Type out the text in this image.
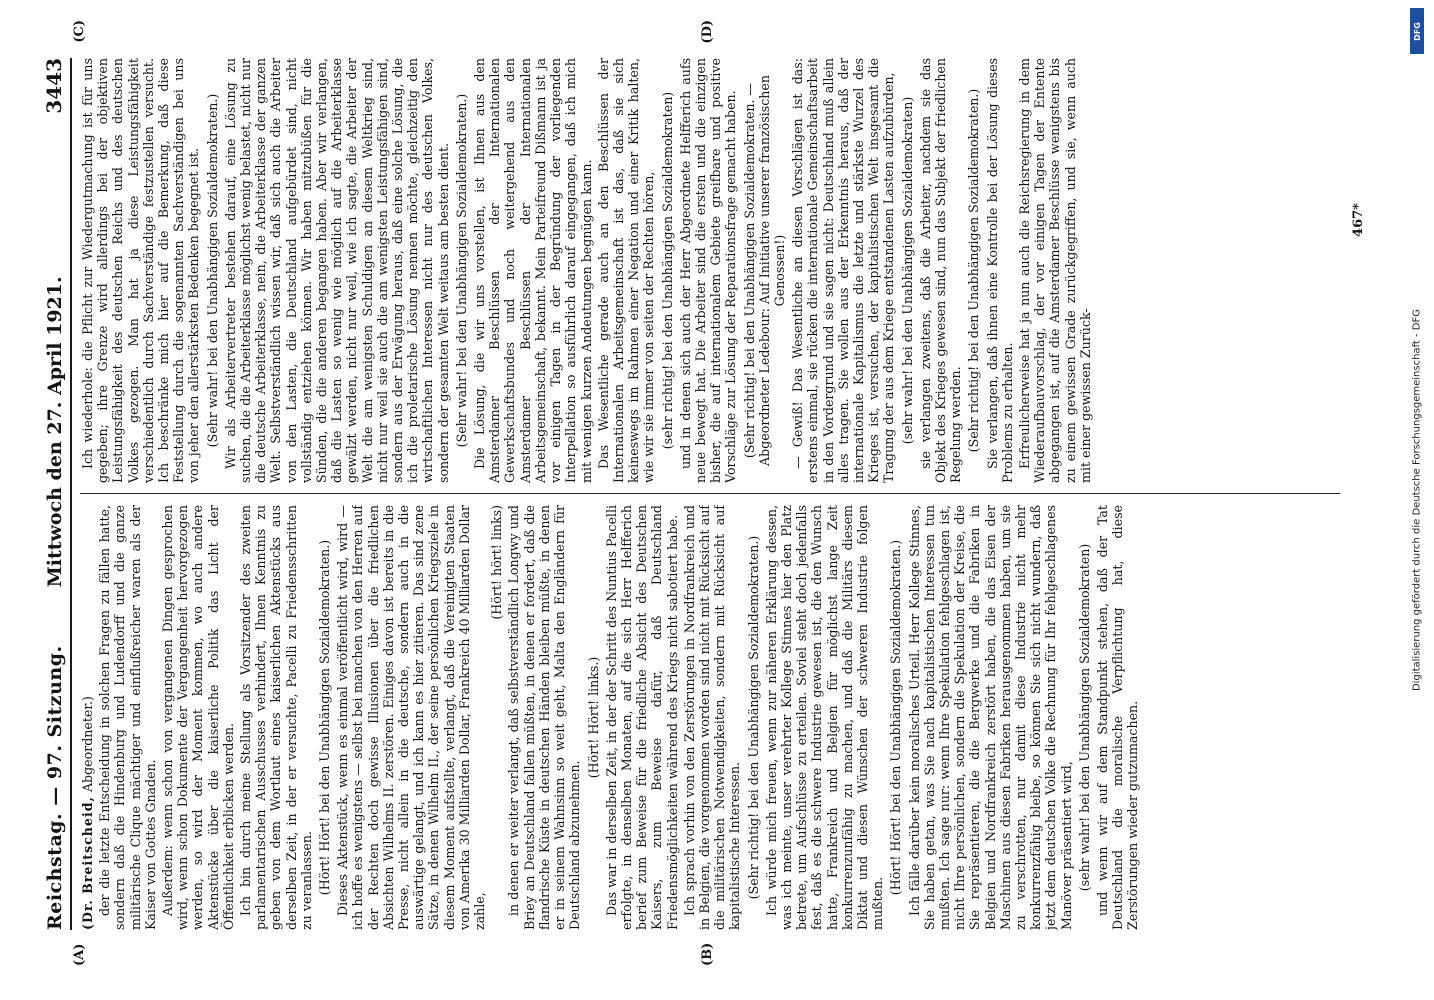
Reichstag. — 97. Sitzung.
Mittwoch den 27. April 1921.
3443

(Dr. Breitscheid, Abgeordneter.) der die letzte Entscheidung in solchen Fragen zu fällen hatte, sondern daß die Hindenburg und Ludendorff und die ganze militärische Clique mächtiger und einflußreicher waren als der Kaiser von Gottes Gnaden. Außerdem: wenn schon von vergangenen Dingen gesprochen wird, wenn schon Dokumente der Vergangenheit hervorgezogen werden, so wird der Moment kommen, wo auch andere Aktenstücke über die kaiserliche Politik das Licht der Öffentlichkeit erblicken werden. Ich bin durch meine Stellung als Vorsitzender des zweiten parlamentarischen Ausschusses verhindert, Ihnen Kenntnis zu geben von dem Wortlaut eines kaiserlichen Aktenstücks aus derselben Zeit, in der er versuchte, Pacelli zu Friedensschritten zu veranlassen. (Hört! Hört! bei den Unabhängigen Sozialdemokraten.) Dieses Aktenstück, wenn es einmal veröffentlicht wird, wird — ich hoffe es wenigstens — selbst bei manchen von den Herren auf der Rechten doch gewisse Illusionen über die friedlichen Absichten Wilhelms II. zerstören. Einiges davon ist bereits in die Presse, nicht allein in die deutsche, sondern auch in die auswärtige gelangt, und ich kann es hier zitieren. Das sind zene Sätze, in denen Wilhelm II., der seine persönlichen Kriegsziele in diesem Moment aufstellte, verlangt, daß die Vereinigten Staaten von Amerika 30 Milliarden Dollar, Frankreich 40 Milliarden Dollar zahle,

(Hört! hört! links) in denen er weiter verlangt, daß selbstverständlich Longwy und Briey an Deutschland fallen müßten, in denen er fordert, daß die flandrische Küste in deutschen Händen bleiben müßte, in denen er in seinem Wahnsinn so weit geht, Malta den Engländern für Deutschland abzunehmen.

(Hört! Hört! links.) Das war in derselben Zeit, in der der Schritt des Nuntius Pacelli erfolgte, in denselben Monaten, auf die sich Herr Helfferich berief zum Beweise für die friedliche Absicht des Deutschen Kaisers, zum Beweise dafür, daß Deutschland Friedensmöglichkeiten während des Kriegs nicht sabotiert habe. Ich sprach vorhin von den Zerstörungen in Nordfrankreich und in Belgien, die vorgenommen worden sind nicht mit Rücksicht auf die militärischen Notwendigkeiten, sondern mit Rücksicht auf kapitalistische Interessen. (Sehr richtig! bei den Unabhängigen Sozialdemokraten.) Ich würde mich freuen, wenn zur näheren Erklärung dessen, was ich meinte, unser verehrter Kollege Stinnes hier den Platz betrete, um Aufschlüsse zu erteilen. Soviel steht doch jedenfalls fest, daß es die schwere Industrie gewesen ist, die den Wunsch hatte, Frankreich und Belgien für möglichst lange Zeit konkurrenzunfähig zu machen, und daß die Militärs diesem Diktat und diesen Wünschen der schweren Industrie folgen mußten.

(Hört! Hört! bei den Unabhängigen Sozialdemokraten.) Ich fälle darüber kein moralisches Urteil. Herr Kollege Stinnes, Sie haben getan, was Sie nach kapitalistischen Interessen tun mußten. Ich sage nur: wenn Ihre Spekulation fehlgeschlagen ist, nicht Ihre persönlichen, sondern die Spekulation der Kreise, die Sie repräsentieren, die die Bergwerke und die Fabriken in Belgien und Nordfrankreich zerstört haben, die das Eisen der Maschinen aus diesen Fabriken herausgenommen haben, um sie zu verschrotten, nur damit diese Industrie nicht mehr konkurrenzfähig bleibe, so können Sie sich nicht wundern, daß jetzt dem deutschen Volke die Rechnung für Ihr fehlgeschlagenes Manöver präsentiert wird, (sehr wahr! bei den Unabhängigen Sozialdemokraten) und wenn wir auf dem Standpunkt stehen, daß der Tat Deutschland die moralische Verpflichtung hat, diese Zerstörungen wieder gutzumachen.

Ich wiederhole: die Pflicht zur Wiedergutmachung ist für uns gegeben; ihre Grenze wird allerdings bei der objektiven Leistungsfähigkeit des deutschen Reichs und des deutschen Volkes gezogen. Man hat ja diese Leistungsfähigkeit verschiedentlich durch Sachverständige festzustellen versucht. Ich beschränke mich hier auf die Bemerkung, daß diese Feststellung durch die sogenannten Sachverständigen bei uns von jeher den allerstärksten Bedenken begegnet ist. (Sehr wahr! bei den Unabhängigen Sozialdemokraten.) Wir als Arbeitervertreter bestehen darauf, eine Lösung zu suchen, die die Arbeiterklasse möglichst wenig belastet, nicht nur die deutsche Arbeiterklasse, nein, die Arbeiterklasse der ganzen Welt. Selbstverständlich wissen wir, daß sich auch die Arbeiter von den Lasten, die Deutschland aufgebürdet sind, nicht vollständig entziehen können. Wir haben mitzubüßen für die Sünden, die die anderen begangen haben. Aber wir verlangen, daß die Lasten so wenig wie möglich auf die Arbeiterklasse gewälzt werden, nicht nur weil, wie ich sagte, die Arbeiter der Welt die am wenigsten Schuldigen an diesem Weltkrieg sind, nicht nur weil sie auch die am wenigsten Leistungsfähigen sind, sondern aus der Erwägung heraus, daß eine solche Lösung, die ich die proletarische Lösung nennen möchte, gleichzeitig den wirtschaftlichen Interessen nicht nur des deutschen Volkes, sondern der gesamten Welt weitaus am besten dient. (Sehr wahr! bei den Unabhängigen Sozialdemokraten.) Die Lösung, die wir uns vorstellen, ist Ihnen aus den Amsterdamer Beschlüssen der Internationalen Gewerkschaftsbundes und noch weitergehend aus den Amsterdamer Beschlüssen der Internationalen Arbeitsgemeinschaft, bekannt. Mein Parteifreund Dißmann ist ja vor einigen Tagen in der Begründung der vorliegenden Interpellation so ausführlich darauf eingegangen, daß ich mich mit wenigen kurzen Andeutungen begnügen kann. Das Wesentliche gerade auch an den Beschlüssen der Internationalen Arbeitsgemeinschaft ist das, daß sie sich keineswegs im Rahmen einer Negation und einer Kritik halten, wie wir sie immer von seiten der Rechten hören, (sehr richtig! bei den Unabhängigen Sozialdemokraten) und in denen sich auch der Herr Abgeordnete Helfferich aufs neue bewegt hat. Die Arbeiter sind die ersten und die einzigen bisher, die auf internationalem Gebiete greifbare und positive Vorschläge zur Lösung der Reparationsfrage gemacht haben. (Sehr richtig! bei den Unabhängigen Sozialdemokraten. — Abgeordneter Ledebour: Auf Initiative unserer französischen Genossen!) — Gewiß! Das Wesentliche an diesen Vorschlägen ist das: erstens einmal, sie rücken die internationale Gemeinschaftsarbeit in den Vordergrund und sie sagen nicht: Deutschland muß allein alles tragen. Sie wollen aus der Erkenntnis heraus, daß der internationale Kapitalismus die letzte und stärkste Wurzel des Krieges ist, versuchen, der kapitalistischen Welt insgesamt die Tragung der aus dem Kriege entstandenen Lasten aufzubürden, (sehr wahr! bei den Unabhängigen Sozialdemokraten) sie verlangen zweitens, daß die Arbeiter, nachdem sie das Objekt des Krieges gewesen sind, nun das Subjekt der friedlichen Regelung werden. (Sehr richtig! bei den Unabhängigen Sozialdemokraten.) Sie verlangen, daß ihnen eine Kontrolle bei der Lösung dieses Problems zu erhalten. Erfreulicherweise hat ja nun auch die Reichsregierung in dem Wiederaufbauvorschlag, der vor einigen Tagen der Entente abgegangen ist, auf die Amsterdamer Beschlüsse wenigstens bis zu einem gewissen Grade zurückgegriffen, und sie, wenn auch mit einer gewissen Zurück-

(A)	(B)
(C)	(D)
467*
DFG
Digitalisierung gefördert durch die Deutsche Forschungsgemeinschaft - DFG
